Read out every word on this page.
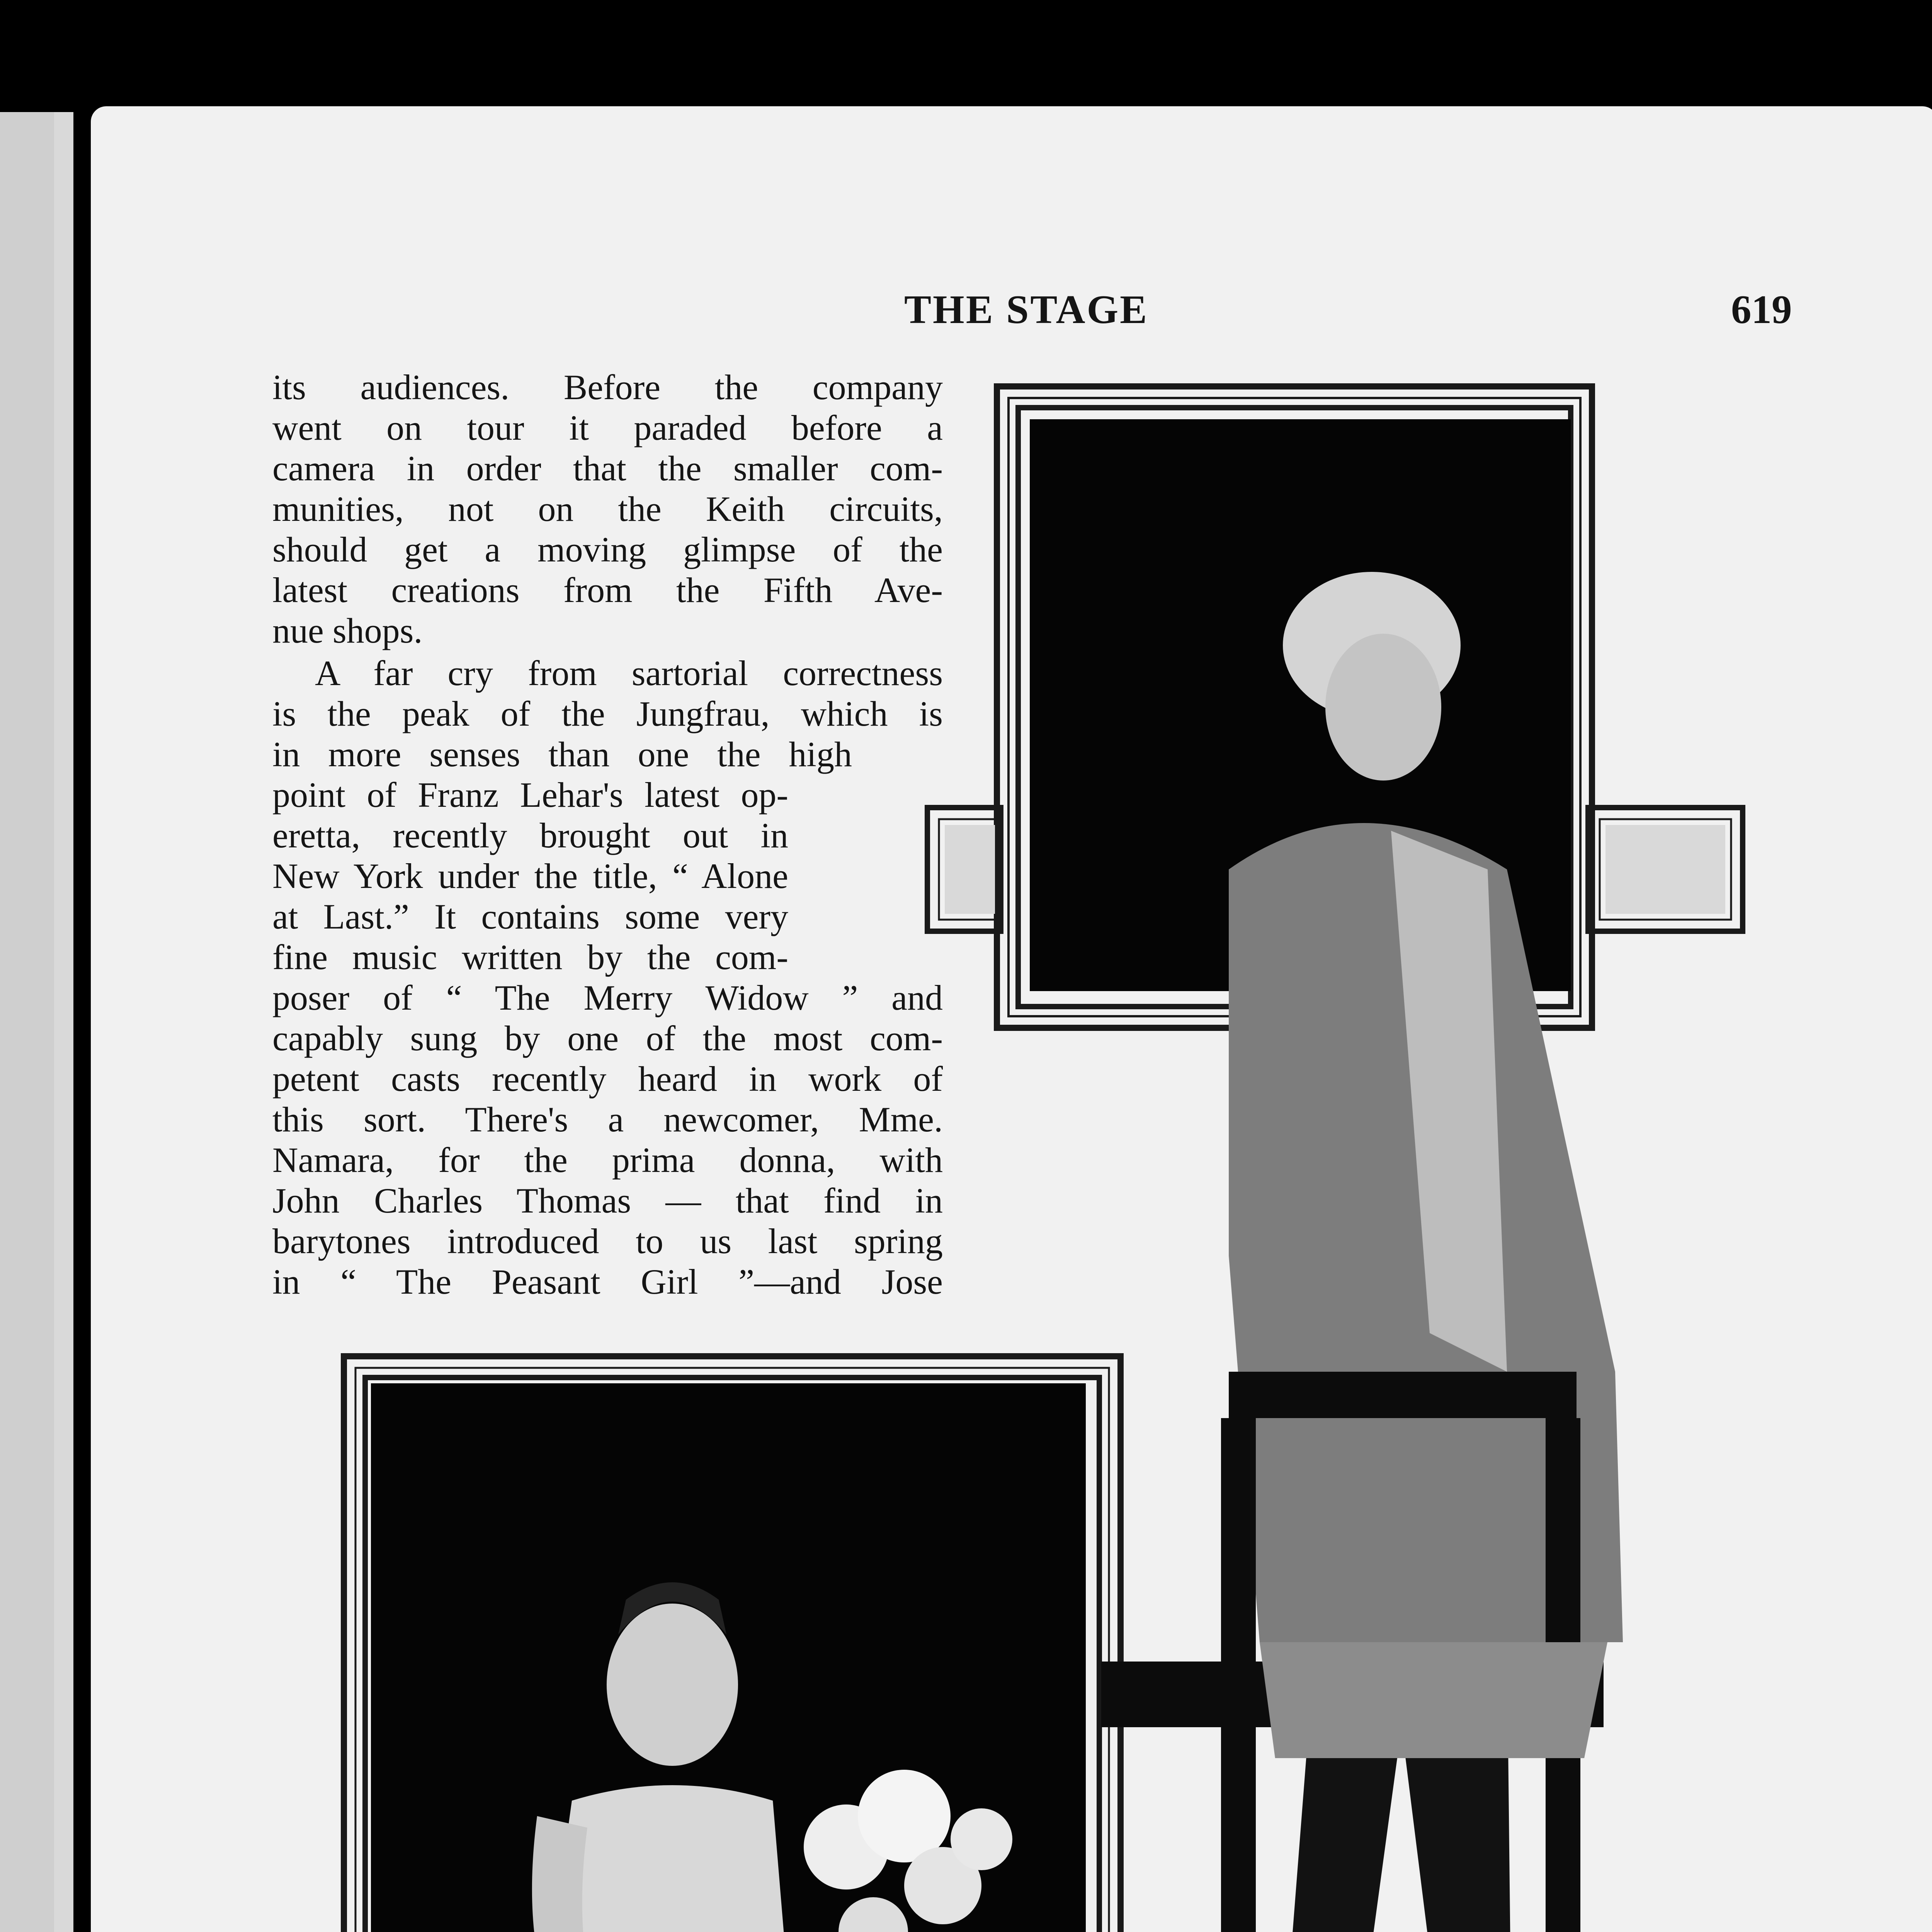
THE STAGE	619
its audiences. Before the company
went on tour it paraded before a
camera in order that the smaller com-
munities, not on the Keith circuits,
should get a moving glimpse of the
latest creations from the Fifth Ave-
nue shops.
A far cry from sartorial correctness
is the peak of the Jungfrau, which is
in more senses than one the high
point of Franz Lehar's latest op-
eretta, recently brought out in
New York under the title, “ Alone
at Last.” It contains some very
fine music written by the com-
poser of “ The Merry Widow ” and
capably sung by one of the most com-
petent casts recently heard in work of
this sort. There's a newcomer, Mme.
Namara, for the prima donna, with
John Charles Thomas — that find in
barytones introduced to us last spring
in “ The Peasant Girl ”—and Jose
